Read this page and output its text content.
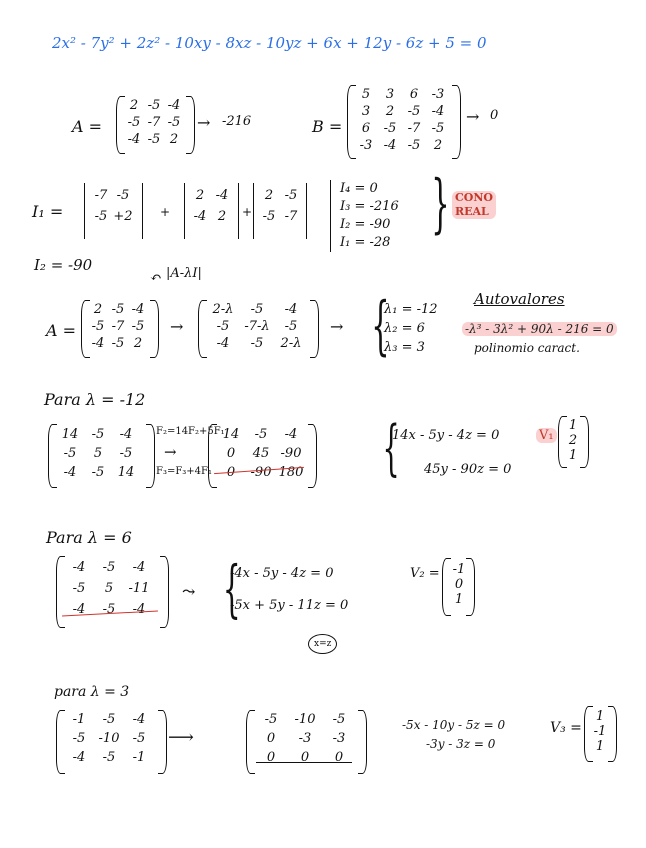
2x² - 7y² + 2z² - 10xy - 8xz - 10yz + 6x + 12y - 6z + 5 = 0
A =
2 -5 -4
-5 -7 -5
-4 -5 2
→ -216	B =
5	3	6	-3
3	2	-5 -4
6	-5 -7 -5
-3 -4 -5	2
→ 0
I₁ =
-7 -5
-5 +2 +
2 -4
-4 2	+
2 -5
-5 -7
I₄ = 0
I₃ = -216
I₂ = -90
I₁ = -28
} CONO
REAL
I₂ = -90
↶ |A-λI|
A =
2 -5 -4
-5 -7 -5
-4 -5 2
→
2-λ	-5	-4
-5	-7-λ	-5
-4	-5	2-λ
→ {
λ₁ = -12
λ₂ = 6
λ₃ = 3
Autovalores
-λ³ - 3λ² + 90λ - 216 = 0
polinomio caract.
Para λ = -12
14	-5	-4
-5	5	-5
-4	-5	14
F₂=14F₂+5F₁
→
F₃=F₃+4F₁
14	-5	-4
0	45 -90
0	-90 180 {
14x - 5y - 4z = 0
45y - 90z = 0
V₁
1
2
1
Para λ = 6
-4	-5	-4
-5	5	-11
-4	-5	-4
⤳ {
-4x - 5y - 4z = 0
-5x + 5y - 11z = 0
x=z
V₂ = -1
0
1
para λ = 3
-1	-5	-4
-5	-10	-5
-4	-5	-1
⟶
-5	-10	-5
0	-3	-3
0	0	0
-5x - 10y - 5z = 0
-3y - 3z = 0
V₃ =
1
-1
1
